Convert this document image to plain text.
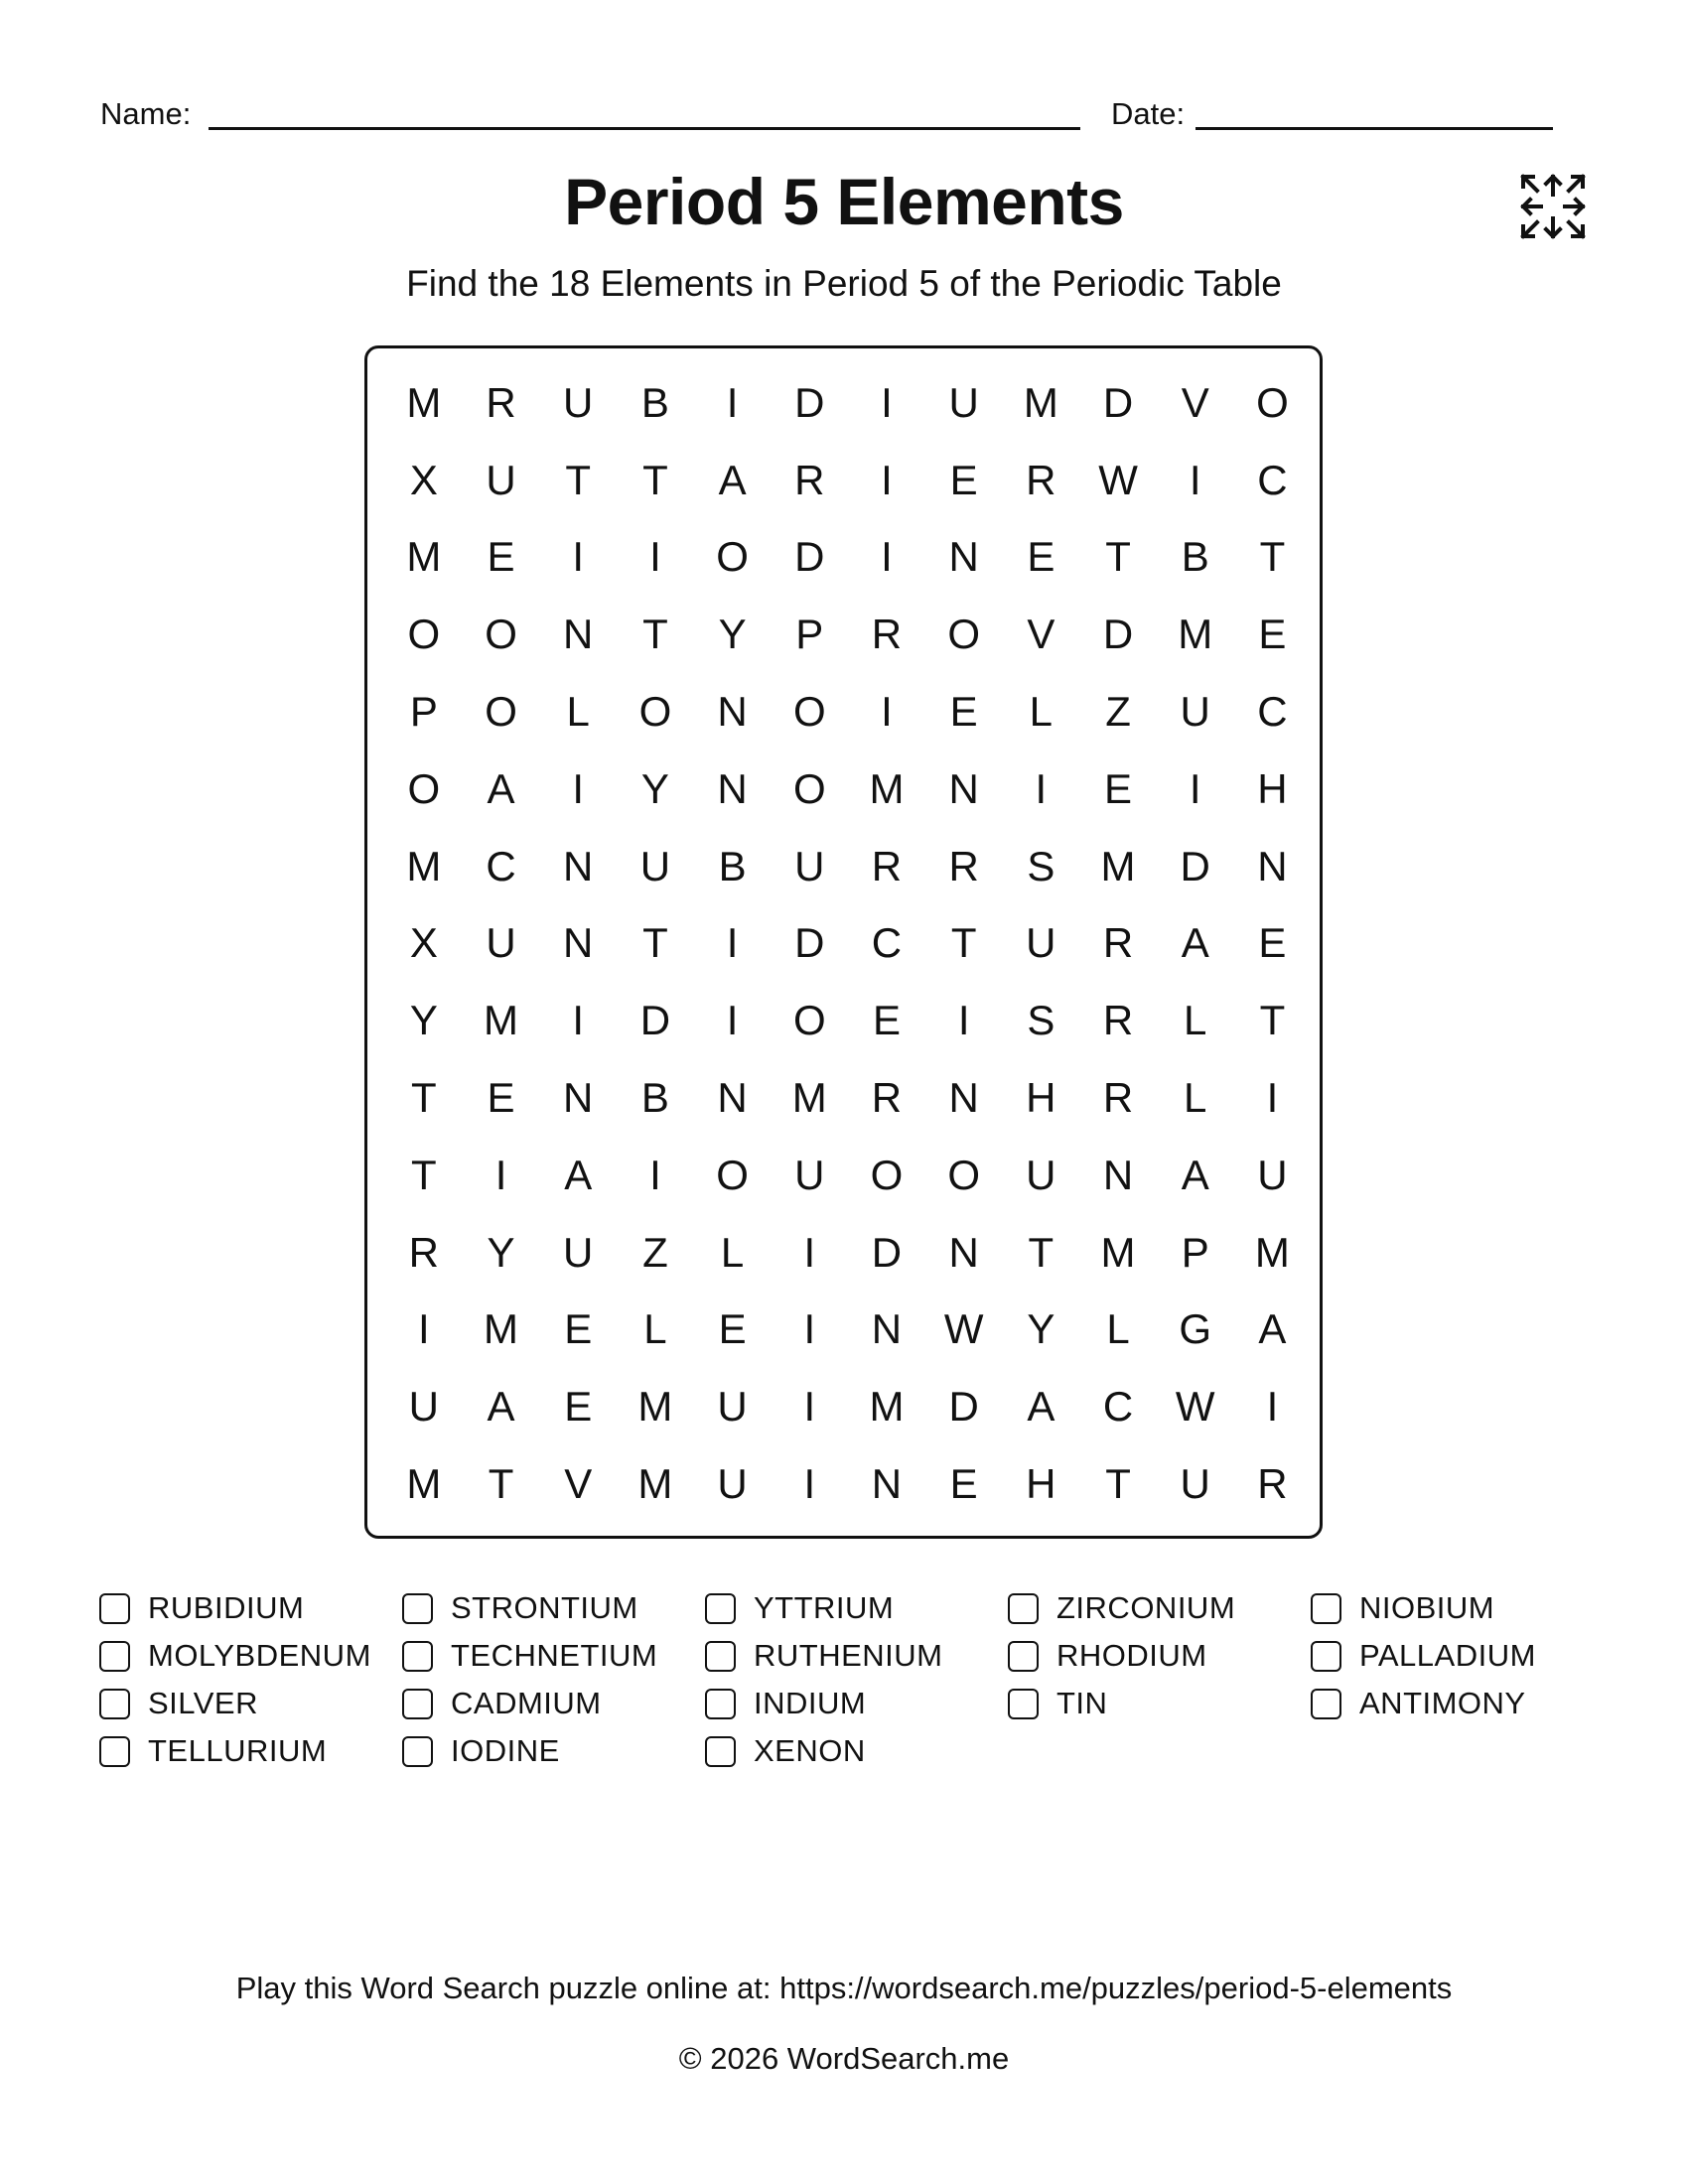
Name:	Date:
Period 5 Elements
Find the 18 Elements in Period 5 of the Periodic Table
M	R	U	B	I	D	I	U	M	D	V	O
X	U	T	T	A	R	I	E	R	W	I	C
M	E	I	I	O	D	I	N	E	T	B	T
O	O	N	T	Y	P	R	O	V	D	M	E
P	O	L	O	N	O	I	E	L	Z	U	C
O	A	I	Y	N	O	M	N	I	E	I	H
M	C	N	U	B	U	R	R	S	M	D	N
X	U	N	T	I	D	C	T	U	R	A	E
Y	M	I	D	I	O	E	I	S	R	L	T
T	E	N	B	N	M	R	N	H	R	L	I
T	I	A	I	O	U	O	O	U	N	A	U
R	Y	U	Z	L	I	D	N	T	M	P	M
I	M	E	L	E	I	N	W	Y	L	G	A
U	A	E	M	U	I	M	D	A	C	W	I
M	T	V	M	U	I	N	E	H	T	U	R
RUBIDIUM	STRONTIUM	YTTRIUM	ZIRCONIUM	NIOBIUM
MOLYBDENUM	TECHNETIUM	RUTHENIUM	RHODIUM	PALLADIUM
SILVER	CADMIUM	INDIUM	TIN	ANTIMONY
TELLURIUM	IODINE	XENON
Play this Word Search puzzle online at: https://wordsearch.me/puzzles/period-5-elements
© 2026 WordSearch.me
